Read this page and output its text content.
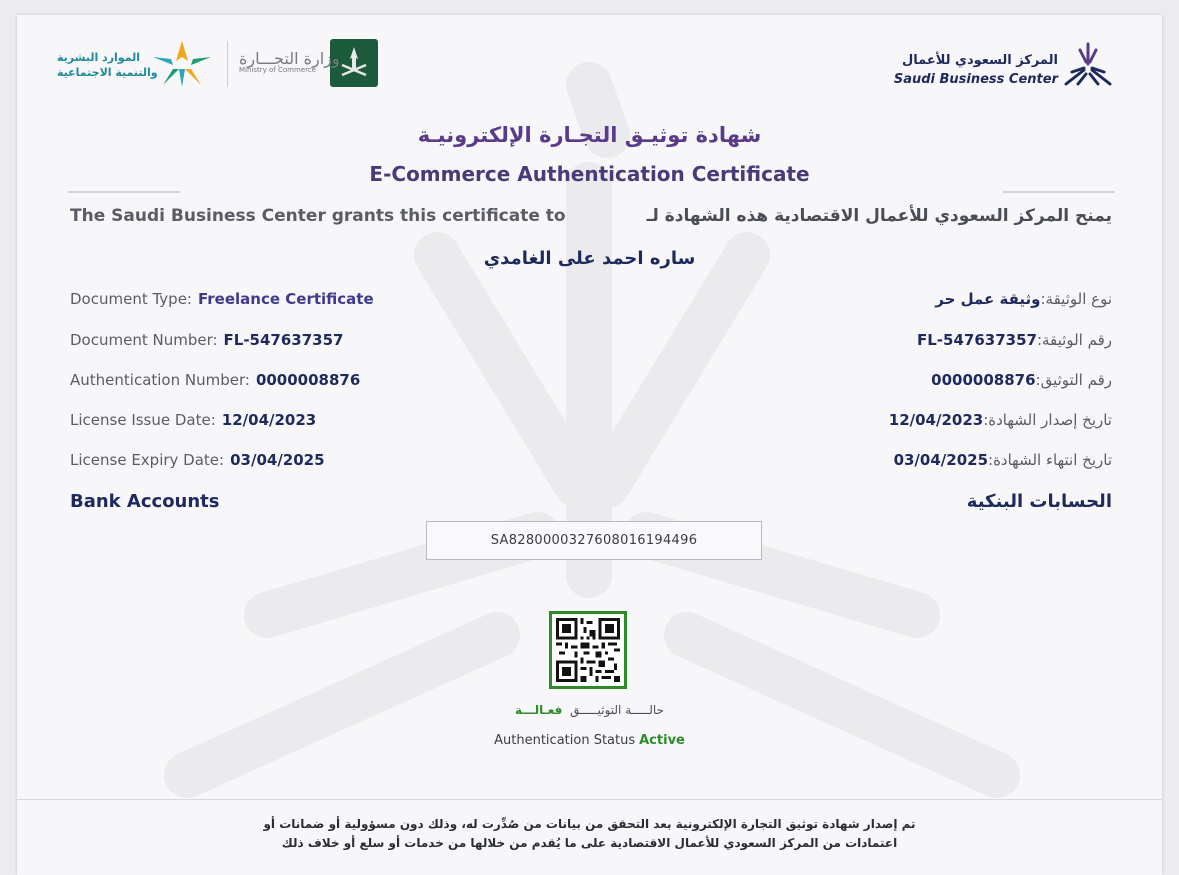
المركز السعودي للأعمال
Saudi Business Center
وزارة التجـــارة
Ministry of Commerce
الموارد البشرية
والتنمية الاجتماعية
شهادة توثيـق التجـارة الإلكترونيـة
E-Commerce Authentication Certificate
The Saudi Business Center grants this certificate to	يمنح المركز السعودي للأعمال الاقتصادية هذه الشهادة لـ
ساره احمد على الغامدي
Document Type: Freelance Certificate
Document Number: FL-547637357
Authentication Number: 0000008876
License Issue Date: 12/04/2023
License Expiry Date: 03/04/2025
نوع الوثيقة:وثيقة عمل حر
رقم الوثيقة:FL-547637357
رقم التوثيق:0000008876
تاريخ إصدار الشهادة:12/04/2023
تاريخ انتهاء الشهادة:03/04/2025
Bank Accounts	الحسابات البنكية
SA8280000327608016194496
حالـــــة التوثيـــــق  فعـالـــة
Authentication Status Active
تم إصدار شهادة توثيق التجارة الإلكترونية بعد التحقق من بيانات من صُدِّرت له، وذلك دون مسؤولية أو ضمانات أو
اعتمادات من المركز السعودي للأعمال الاقتصادية على ما يُقدم من خلالها من خدمات أو سلع أو خلاف ذلك
